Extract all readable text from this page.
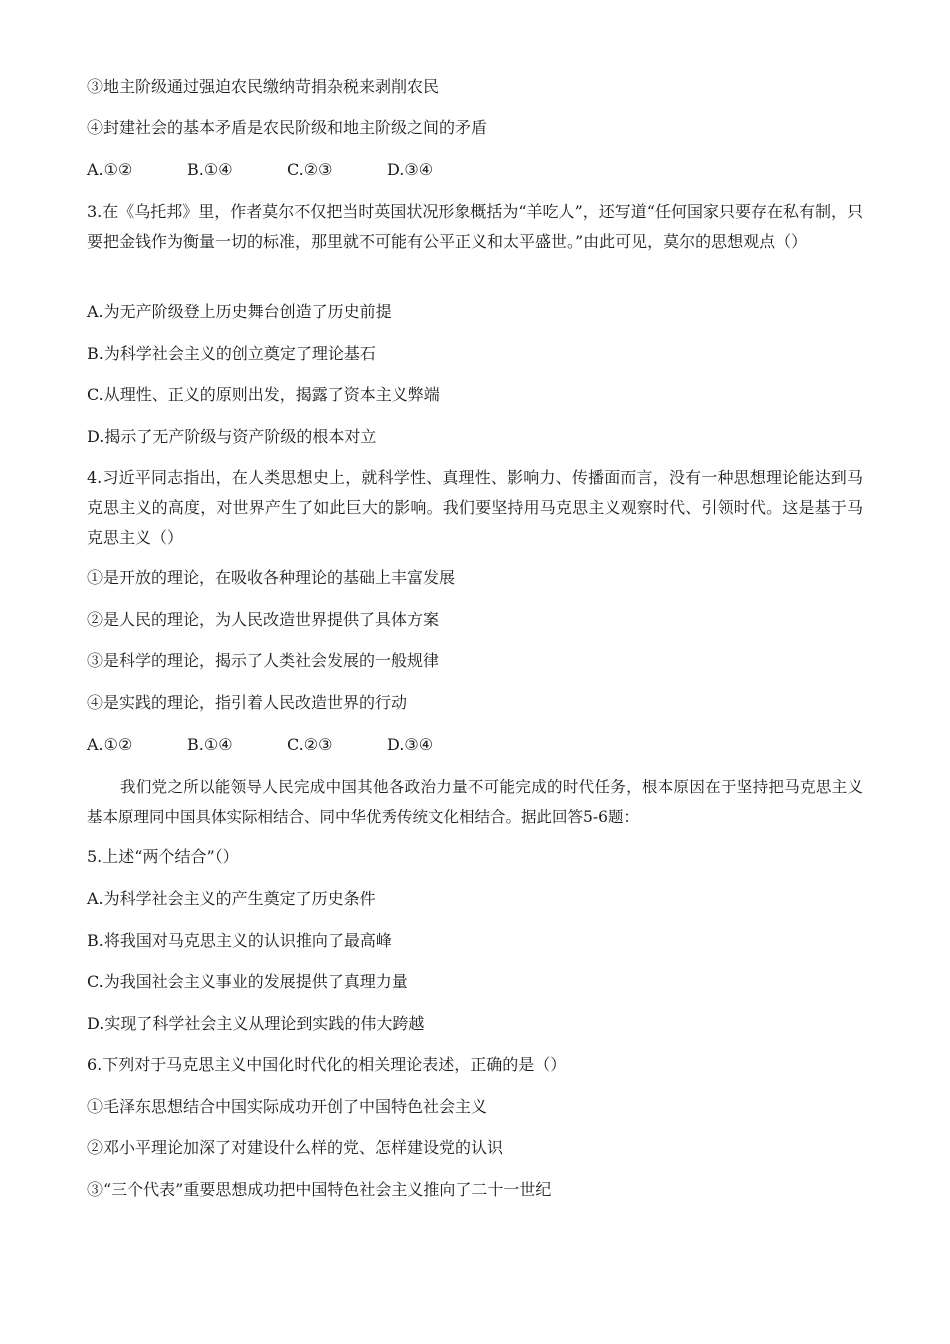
③地主阶级通过强迫农民缴纳苛捐杂税来剥削农民
④封建社会的基本矛盾是农民阶级和地主阶级之间的矛盾
A.①②	B.①④	C.②③	D.③④
3.在《乌托邦》里，作者莫尔不仅把当时英国状况形象概括为“羊吃人”，还写道“任何国家只要存在私有制，只要把金钱作为衡量一切的标准，那里就不可能有公平正义和太平盛世。”由此可见，莫尔的思想观点（）
A.为无产阶级登上历史舞台创造了历史前提
B.为科学社会主义的创立奠定了理论基石
C.从理性、正义的原则出发，揭露了资本主义弊端
D.揭示了无产阶级与资产阶级的根本对立
4.习近平同志指出，在人类思想史上，就科学性、真理性、影响力、传播面而言，没有一种思想理论能达到马克思主义的高度，对世界产生了如此巨大的影响。我们要坚持用马克思主义观察时代、引领时代。这是基于马克思主义（）
①是开放的理论，在吸收各种理论的基础上丰富发展
②是人民的理论，为人民改造世界提供了具体方案
③是科学的理论，揭示了人类社会发展的一般规律
④是实践的理论，指引着人民改造世界的行动
A.①②	B.①④	C.②③	D.③④
我们党之所以能领导人民完成中国其他各政治力量不可能完成的时代任务，根本原因在于坚持把马克思主义基本原理同中国具体实际相结合、同中华优秀传统文化相结合。据此回答5-6题：
5.上述“两个结合”（）
A.为科学社会主义的产生奠定了历史条件
B.将我国对马克思主义的认识推向了最高峰
C.为我国社会主义事业的发展提供了真理力量
D.实现了科学社会主义从理论到实践的伟大跨越
6.下列对于马克思主义中国化时代化的相关理论表述，正确的是（）
①毛泽东思想结合中国实际成功开创了中国特色社会主义
②邓小平理论加深了对建设什么样的党、怎样建设党的认识
③“三个代表”重要思想成功把中国特色社会主义推向了二十一世纪
